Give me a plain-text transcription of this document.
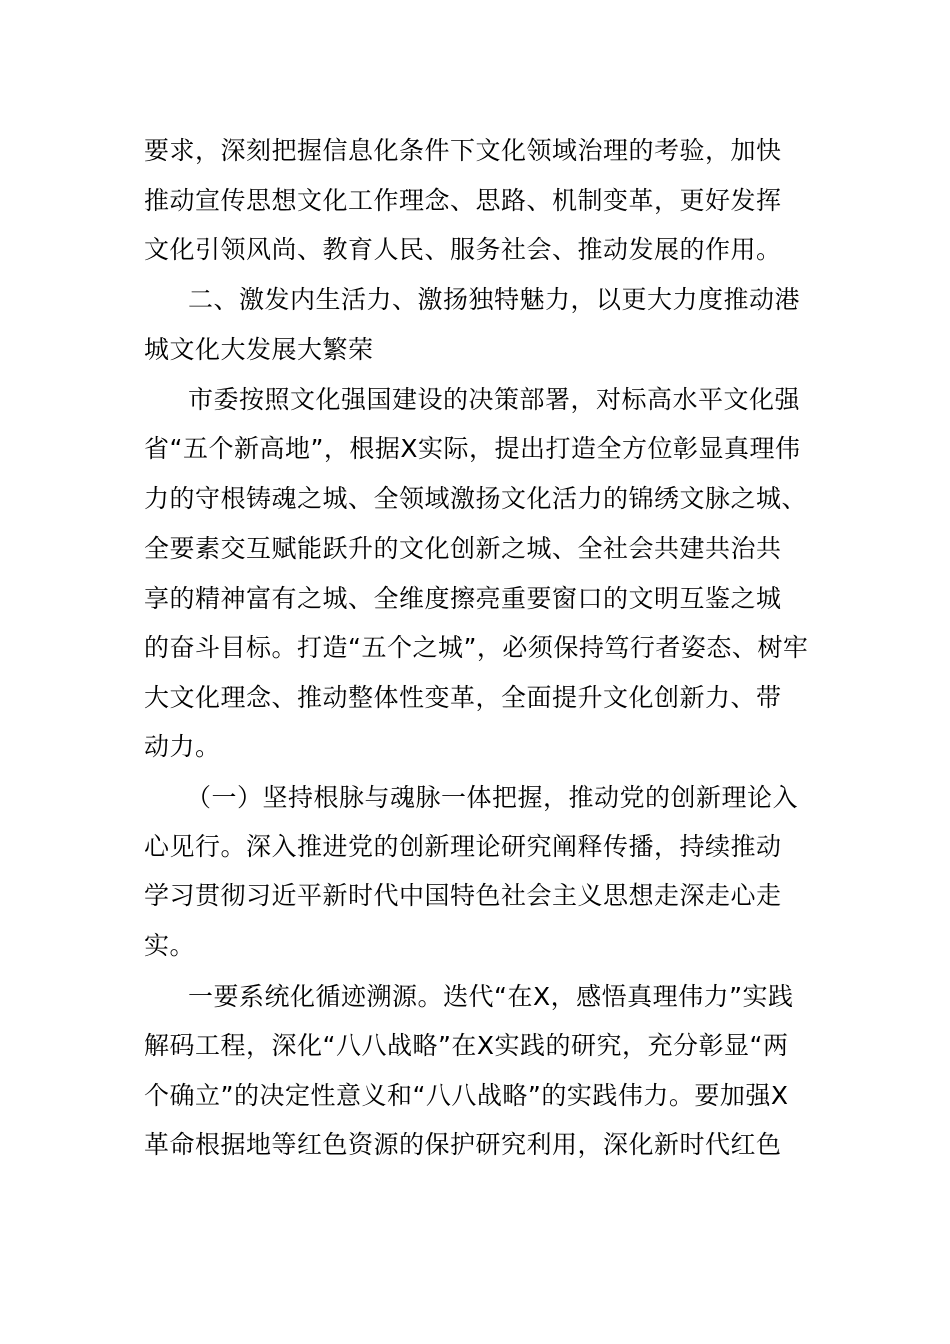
要求，深刻把握信息化条件下文化领域治理的考验，加快
推动宣传思想文化工作理念、思路、机制变革，更好发挥
文化引领风尚、教育人民、服务社会、推动发展的作用。
二、激发内生活力、激扬独特魅力，以更大力度推动港
城文化大发展大繁荣
市委按照文化强国建设的决策部署，对标高水平文化强
省“五个新高地”，根据X实际，提出打造全方位彰显真理伟
力的守根铸魂之城、全领域激扬文化活力的锦绣文脉之城、
全要素交互赋能跃升的文化创新之城、全社会共建共治共
享的精神富有之城、全维度擦亮重要窗口的文明互鉴之城
的奋斗目标。打造“五个之城”，必须保持笃行者姿态、树牢
大文化理念、推动整体性变革，全面提升文化创新力、带
动力。
（一）坚持根脉与魂脉一体把握，推动党的创新理论入
心见行。深入推进党的创新理论研究阐释传播，持续推动
学习贯彻习近平新时代中国特色社会主义思想走深走心走
实。
一要系统化循迹溯源。迭代“在X，感悟真理伟力”实践
解码工程，深化“八八战略”在X实践的研究，充分彰显“两
个确立”的决定性意义和“八八战略”的实践伟力。要加强X
革命根据地等红色资源的保护研究利用，深化新时代红色
